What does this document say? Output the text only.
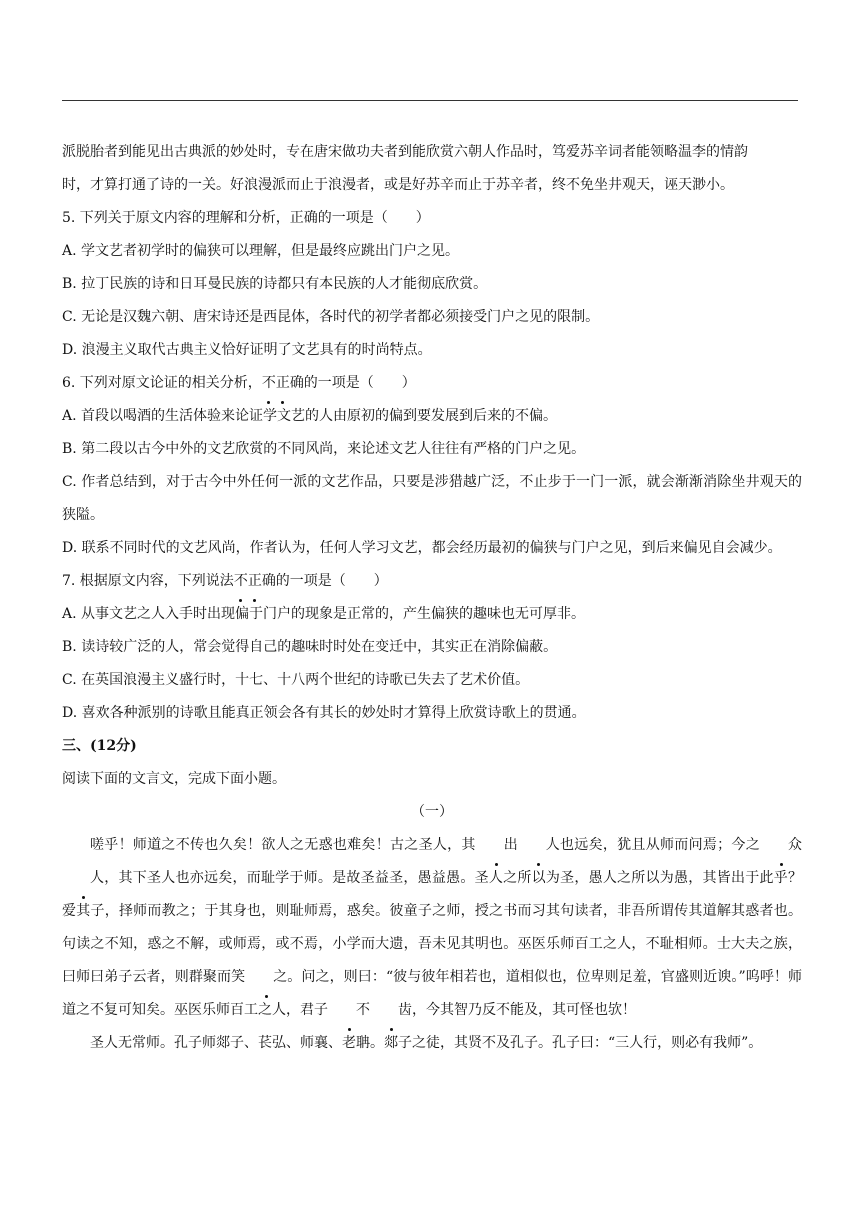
派脱胎者到能见出古典派的妙处时，专在唐宋做功夫者到能欣赏六朝人作品时，笃爱苏辛词者能领略温李的情韵

时，才算打通了诗的一关。好浪漫派而止于浪漫者，或是好苏辛而止于苏辛者，终不免坐井观天，诬天渺小。

5. 下列关于原文内容的理解和分析，正确的一项是（　　）

A. 学文艺者初学时的偏狭可以理解，但是最终应跳出门户之见。

B. 拉丁民族的诗和日耳曼民族的诗都只有本民族的人才能彻底欣赏。

C. 无论是汉魏六朝、唐宋诗还是西昆体，各时代的初学者都必须接受门户之见的限制。

D. 浪漫主义取代古典主义恰好证明了文艺具有的时尚特点。

6. 下列对原文论证的相关分析，不正确的一项是（　　）

A. 首段以喝酒的生活体验来论证学文艺的人由原初的偏到要发展到后来的不偏。

B. 第二段以古今中外的文艺欣赏的不同风尚，来论述文艺人往往有严格的门户之见。

C. 作者总结到，对于古今中外任何一派的文艺作品，只要是涉猎越广泛，不止步于一门一派，就会渐渐消除坐井观天的狭隘。

D. 联系不同时代的文艺风尚，作者认为，任何人学习文艺，都会经历最初的偏狭与门户之见，到后来偏见自会减少。

7. 根据原文内容，下列说法不正确的一项是（　　）

A. 从事文艺之人入手时出现偏于门户的现象是正常的，产生偏狭的趣味也无可厚非。

B. 读诗较广泛的人，常会觉得自己的趣味时时处在变迁中，其实正在消除偏蔽。

C. 在英国浪漫主义盛行时，十七、十八两个世纪的诗歌已失去了艺术价值。

D. 喜欢各种派别的诗歌且能真正领会各有其长的妙处时才算得上欣赏诗歌上的贯通。

三、(12分)

阅读下面的文言文，完成下面小题。

（一）

嗟乎！师道之不传也久矣！欲人之无惑也难矣！古之圣人，其 出 人也远矣，犹且从师而问焉；今之 众人，其下圣人也亦远矣，而耻学于师。是故圣益圣，愚益愚。圣人之所以为圣，愚人之所以为愚，其皆出于此乎？爱其子，择师而教之；于其身也，则耻师焉，惑矣。彼童子之师，授之书而习其句读者，非吾所谓传其道解其惑者也。句读之不知，惑之不解，或师焉，或不焉，小学而大遗，吾未见其明也。巫医乐师百工之人，不耻相师。士大夫之族，曰师曰弟子云者，则群聚而笑 之。问之，则曰：“彼与彼年相若也，道相似也，位卑则足羞，官盛则近谀。”呜呼！师道之不复可知矣。巫医乐师百工之人，君子 不 齿，今其智乃反不能及，其可怪也欤！

圣人无常师。孔子师郯子、苌弘、师襄、老聃。郯子之徒，其贤不及孔子。孔子曰：“三人行，则必有我师”。
